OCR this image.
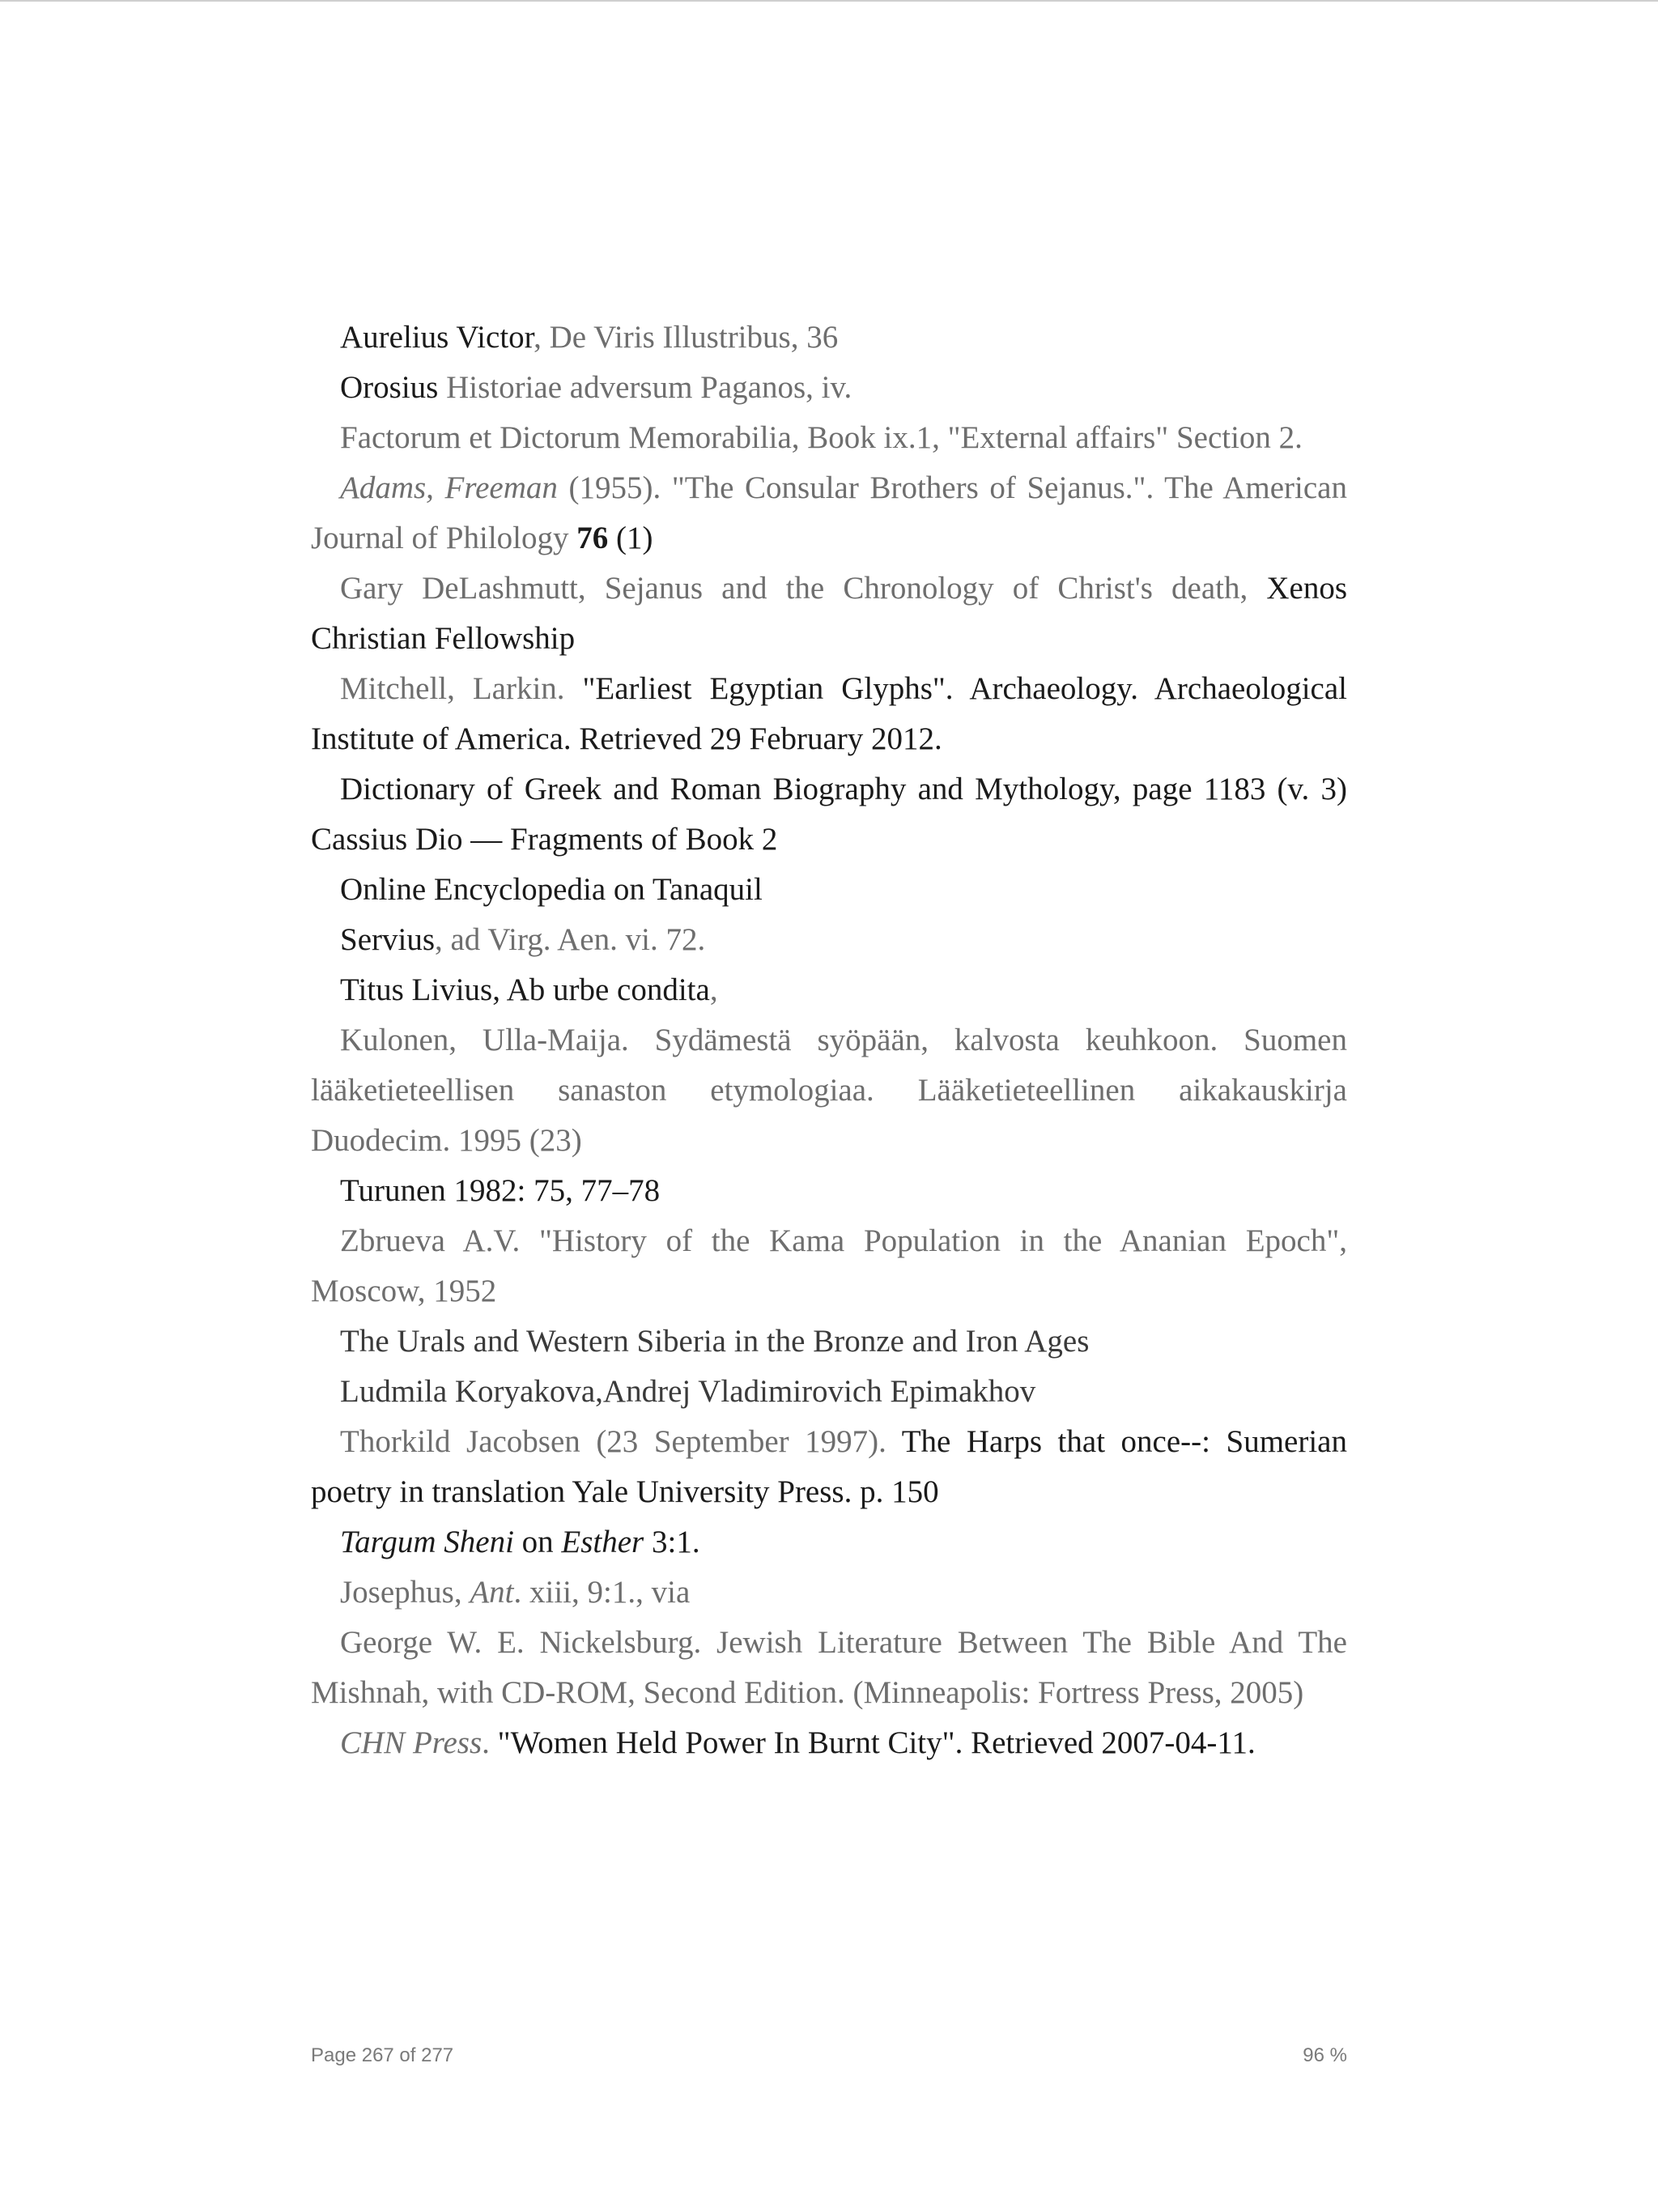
Aurelius Victor, De Viris Illustribus, 36

Orosius Historiae adversum Paganos, iv.

Factorum et Dictorum Memorabilia, Book ix.1, "External affairs" Section 2.

Adams, Freeman (1955). "The Consular Brothers of Sejanus.". The American Journal of Philology 76 (1)

Gary DeLashmutt, Sejanus and the Chronology of Christ's death, Xenos Christian Fellowship

Mitchell, Larkin. "Earliest Egyptian Glyphs". Archaeology. Archaeological Institute of America. Retrieved 29 February 2012.

Dictionary of Greek and Roman Biography and Mythology, page 1183 (v. 3) Cassius Dio — Fragments of Book 2

Online Encyclopedia on Tanaquil

Servius, ad Virg. Aen. vi. 72.

Titus Livius, Ab urbe condita,

Kulonen, Ulla-Maija. Sydämestä syöpään, kalvosta keuhkoon. Suomen lääketieteellisen sanaston etymologiaa. Lääketieteellinen aikakauskirja Duodecim. 1995 (23)

Turunen 1982: 75, 77–78

Zbrueva A.V. "History of the Kama Population in the Ananian Epoch", Moscow, 1952

The Urals and Western Siberia in the Bronze and Iron Ages

Ludmila Koryakova,Andrej Vladimirovich Epimakhov

Thorkild Jacobsen (23 September 1997). The Harps that once--: Sumerian poetry in translation Yale University Press. p. 150

Targum Sheni on Esther 3:1.

Josephus, Ant. xiii, 9:1., via

George W. E. Nickelsburg. Jewish Literature Between The Bible And The Mishnah, with CD-ROM, Second Edition. (Minneapolis: Fortress Press, 2005)

CHN Press. "Women Held Power In Burnt City". Retrieved 2007-04-11.

Page 267 of 277	96 %
